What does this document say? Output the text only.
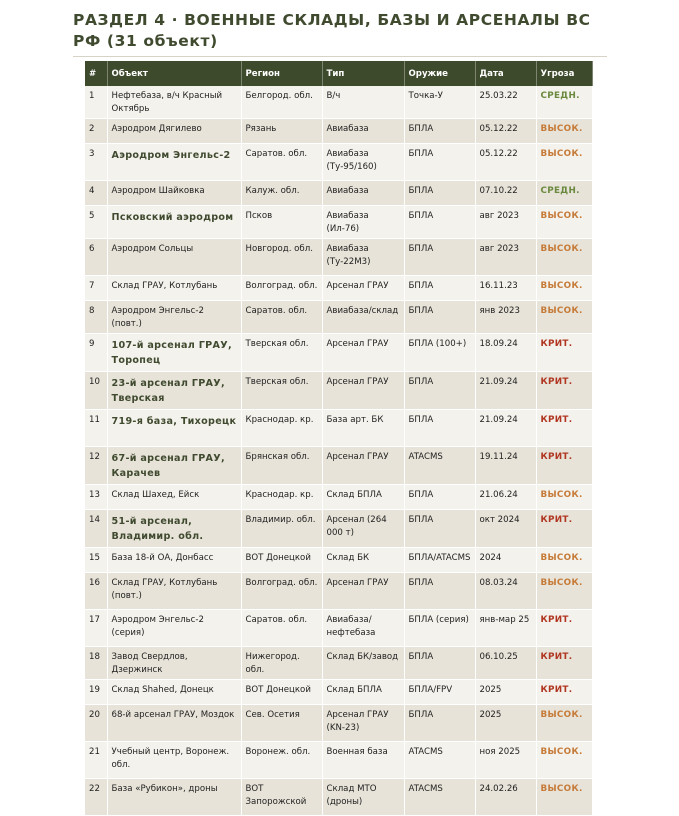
РАЗДЕЛ 4 · ВОЕННЫЕ СКЛАДЫ, БАЗЫ И АРСЕНАЛЫ ВС РФ (31 объект)
#	Объект	Регион	Тип	Оружие	Дата	Угроза
1	Нефтебаза, в/ч Красный Октябрь	Белгород. обл.	В/ч	Точка-У	25.03.22	СРЕДН.
2	Аэродром Дягилево	Рязань	Авиабаза	БПЛА	05.12.22	ВЫСОК.
3	Аэродром Энгельс-2	Саратов. обл.	Авиабаза (Ту-95/160)	БПЛА	05.12.22	ВЫСОК.
4	Аэродром Шайковка	Калуж. обл.	Авиабаза	БПЛА	07.10.22	СРЕДН.
5	Псковский аэродром	Псков	Авиабаза (Ил-76)	БПЛА	авг 2023	ВЫСОК.
6	Аэродром Сольцы	Новгород. обл.	Авиабаза (Ту-22М3)	БПЛА	авг 2023	ВЫСОК.
7	Склад ГРАУ, Котлубань	Волгоград. обл.	Арсенал ГРАУ	БПЛА	16.11.23	ВЫСОК.
8	Аэродром Энгельс-2 (повт.)	Саратов. обл.	Авиабаза/склад	БПЛА	янв 2023	ВЫСОК.
9	107-й арсенал ГРАУ, Торопец	Тверская обл.	Арсенал ГРАУ	БПЛА (100+)	18.09.24	КРИТ.
10	23-й арсенал ГРАУ, Тверская	Тверская обл.	Арсенал ГРАУ	БПЛА	21.09.24	КРИТ.
11	719-я база, Тихорецк	Краснодар. кр.	База арт. БК	БПЛА	21.09.24	КРИТ.
12	67-й арсенал ГРАУ, Карачев	Брянская обл.	Арсенал ГРАУ	ATACMS	19.11.24	КРИТ.
13	Склад Шахед, Ейск	Краснодар. кр.	Склад БПЛА	БПЛА	21.06.24	ВЫСОК.
14	51-й арсенал, Владимир. обл.	Владимир. обл.	Арсенал (264 000 т)	БПЛА	окт 2024	КРИТ.
15	База 18-й ОА, Донбасс	ВОТ Донецкой	Склад БК	БПЛА/ATACMS	2024	ВЫСОК.
16	Склад ГРАУ, Котлубань (повт.)	Волгоград. обл.	Арсенал ГРАУ	БПЛА	08.03.24	ВЫСОК.
17	Аэродром Энгельс-2 (серия)	Саратов. обл.	Авиабаза/ нефтебаза	БПЛА (серия)	янв-мар 25	КРИТ.
18	Завод Свердлов, Дзержинск	Нижегород. обл.	Склад БК/завод	БПЛА	06.10.25	КРИТ.
19	Склад Shahed, Донецк	ВОТ Донецкой	Склад БПЛА	БПЛА/FPV	2025	КРИТ.
20	68-й арсенал ГРАУ, Моздок	Сев. Осетия	Арсенал ГРАУ (KN-23)	БПЛА	2025	ВЫСОК.
21	Учебный центр, Воронеж. обл.	Воронеж. обл.	Военная база	ATACMS	ноя 2025	ВЫСОК.
22	База «Рубикон», дроны	ВОТ Запорожской	Склад МТО (дроны)	ATACMS	24.02.26	ВЫСОК.
